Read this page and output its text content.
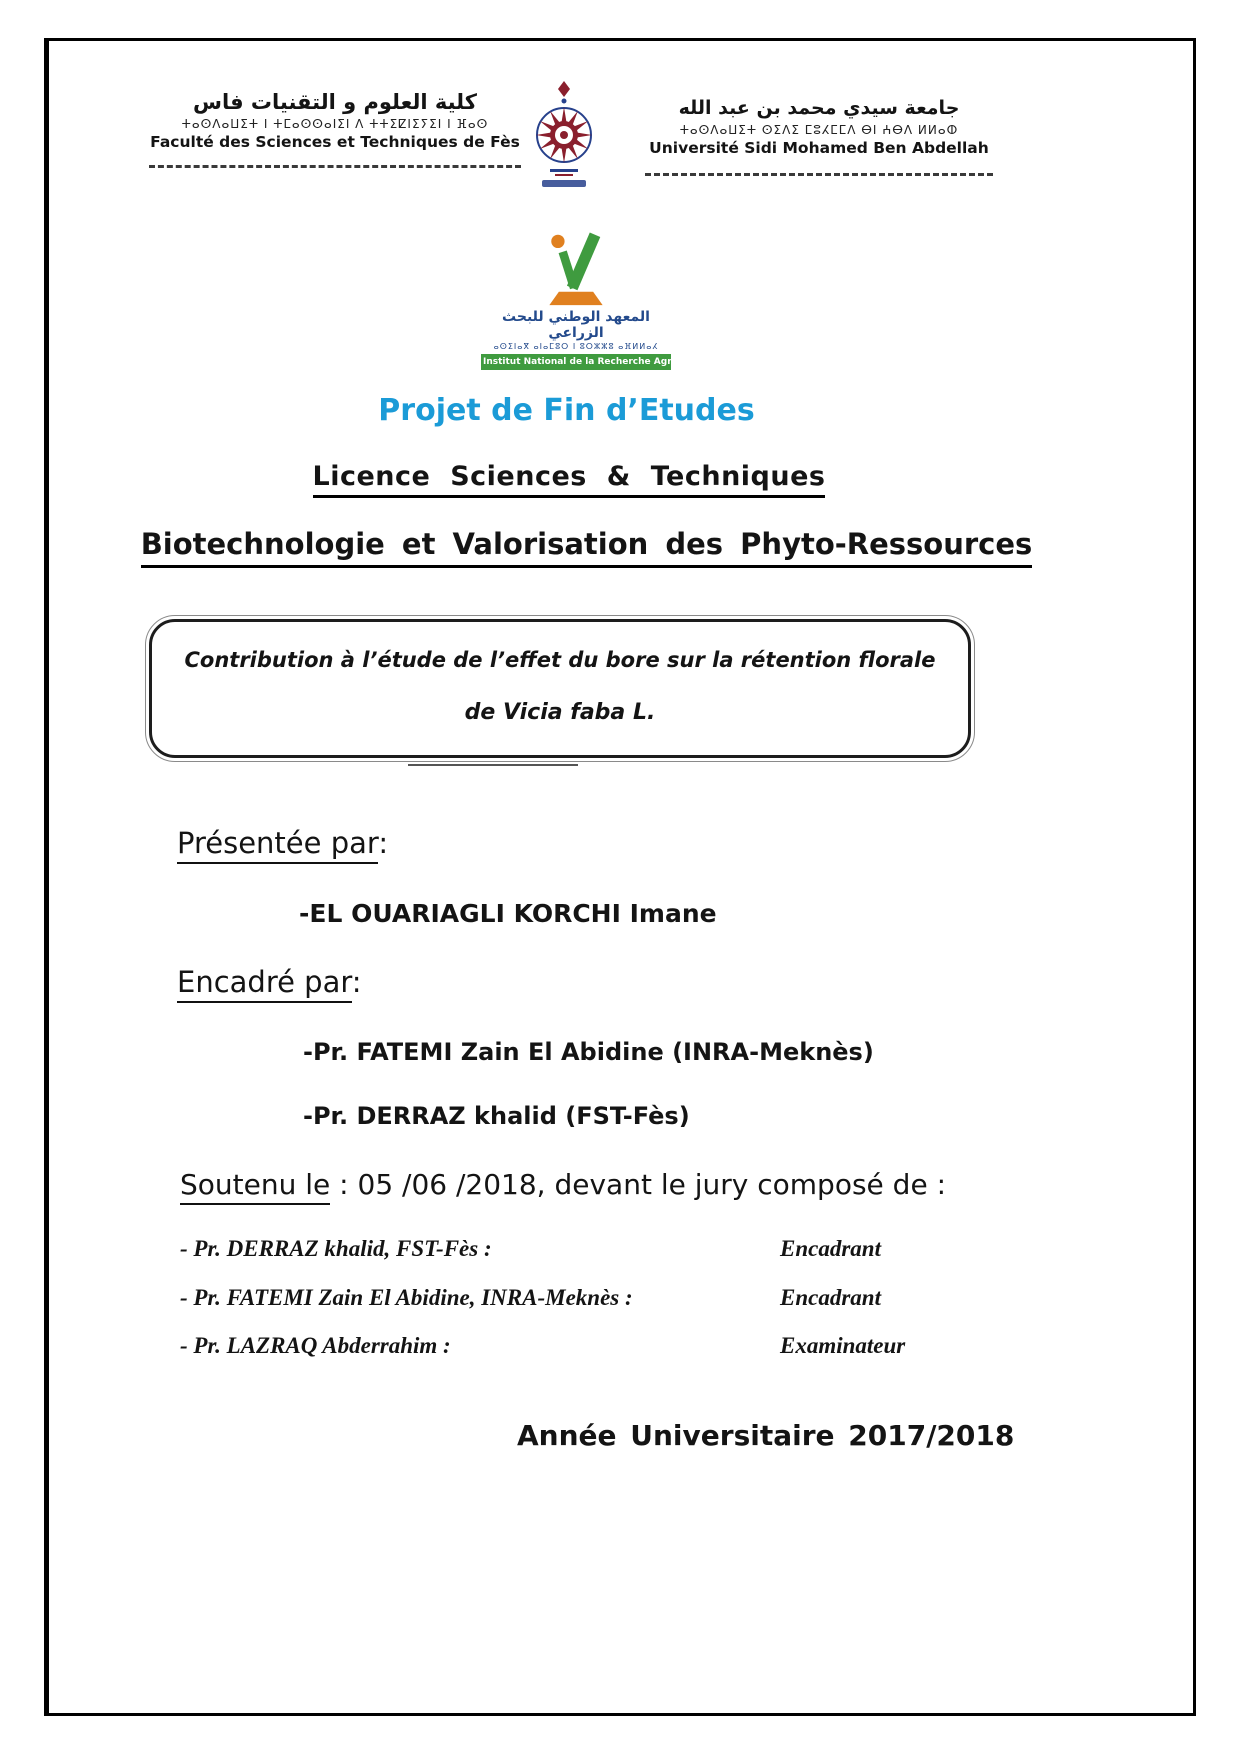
كلية العلوم و التقنيات فاس
ⵜⴰⵙⴷⴰⵡⵉⵜ ⵏ ⵜⵎⴰⵙⵙⴰⵏⵉⵏ ⴷ ⵜⵜⵉⵇⵏⵉⵢⵉⵏ ⵏ ⴼⴰⵙ
Faculté des Sciences et Techniques de Fès
جامعة سيدي محمد بن عبد الله
ⵜⴰⵙⴷⴰⵡⵉⵜ ⵙⵉⴷⵉ ⵎⵓⵃⵎⵎⴷ ⴱⵏ ⵄⴱⴷ ⵍⵍⴰⵀ
Université Sidi Mohamed Ben Abdellah
المعهد الوطني للبحث الزراعي
ⴰⵙⵉⵏⴰⴳ ⴰⵏⴰⵎⵓⵔ ⵏ ⵓⵔⵣⵣⵓ ⴰⴼⵍⵍⴰⵃ
Institut National de la Recherche Agronomique
Projet de Fin d’Etudes
Licence Sciences & Techniques
Biotechnologie et Valorisation des Phyto-Ressources
Contribution à l’étude de l’effet du bore sur la rétention florale
de Vicia faba L.
Présentée par:
-EL OUARIAGLI KORCHI Imane
Encadré par:
-Pr. FATEMI Zain El Abidine (INRA-Meknès)
-Pr. DERRAZ khalid (FST-Fès)
Soutenu le : 05 /06 /2018, devant le jury composé de :
- Pr. DERRAZ khalid, FST-Fès :	Encadrant
- Pr. FATEMI Zain El Abidine, INRA-Meknès :	Encadrant
- Pr. LAZRAQ Abderrahim :	Examinateur
Année Universitaire 2017/2018
